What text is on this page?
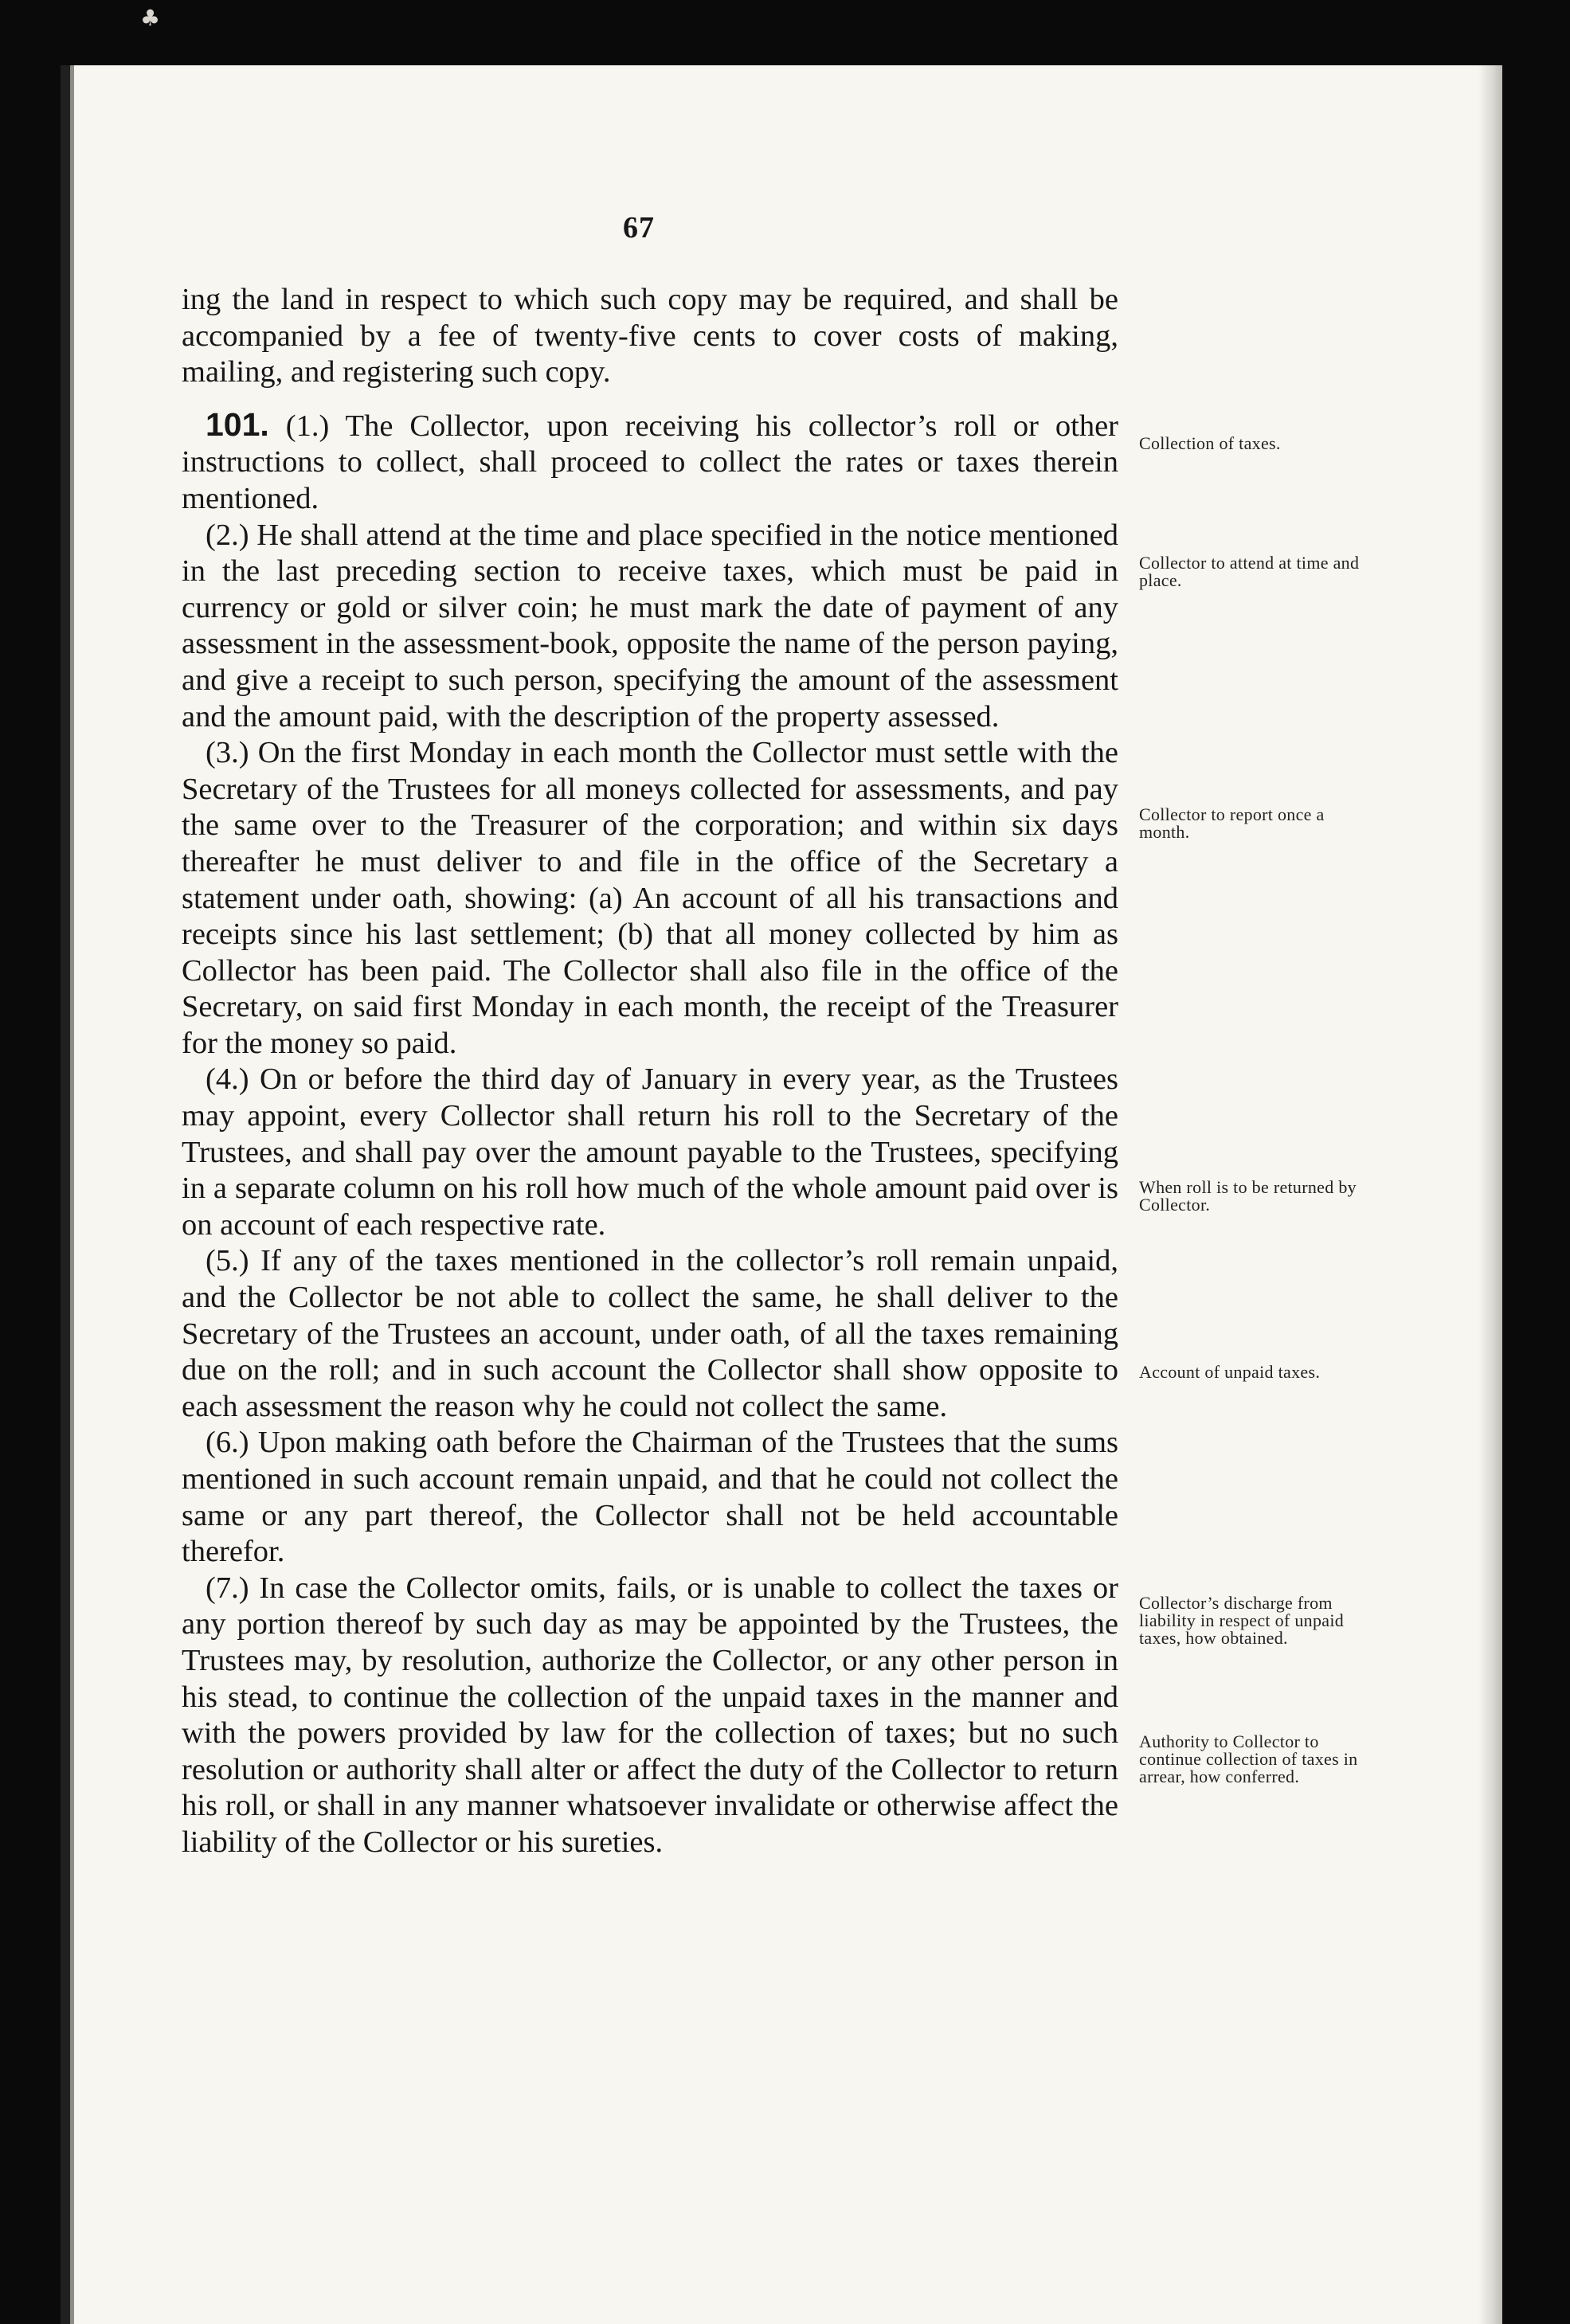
♣
67

ing the land in respect to which such copy may be required, and shall be accompanied by a fee of twenty-five cents to cover costs of making, mailing, and registering such copy.

101. (1.) The Collector, upon receiving his collector’s roll or other instructions to collect, shall proceed to collect the rates or taxes therein mentioned.

(2.) He shall attend at the time and place specified in the notice mentioned in the last preceding section to receive taxes, which must be paid in currency or gold or silver coin; he must mark the date of payment of any assessment in the assessment-book, opposite the name of the person paying, and give a receipt to such person, specifying the amount of the assessment and the amount paid, with the description of the property assessed.

(3.) On the first Monday in each month the Collector must settle with the Secretary of the Trustees for all moneys collected for assessments, and pay the same over to the Treasurer of the corporation; and within six days thereafter he must deliver to and file in the office of the Secretary a statement under oath, showing: (a) An account of all his transactions and receipts since his last settlement; (b) that all money collected by him as Collector has been paid. The Collector shall also file in the office of the Secretary, on said first Monday in each month, the receipt of the Treasurer for the money so paid.

(4.) On or before the third day of January in every year, as the Trustees may appoint, every Collector shall return his roll to the Secretary of the Trustees, and shall pay over the amount payable to the Trustees, specifying in a separate column on his roll how much of the whole amount paid over is on account of each respective rate.

(5.) If any of the taxes mentioned in the collector’s roll remain unpaid, and the Collector be not able to collect the same, he shall deliver to the Secretary of the Trustees an account, under oath, of all the taxes remaining due on the roll; and in such account the Collector shall show opposite to each assessment the reason why he could not collect the same.

(6.) Upon making oath before the Chairman of the Trustees that the sums mentioned in such account remain unpaid, and that he could not collect the same or any part thereof, the Collector shall not be held accountable therefor.

(7.) In case the Collector omits, fails, or is unable to collect the taxes or any portion thereof by such day as may be appointed by the Trustees, the Trustees may, by resolution, authorize the Collector, or any other person in his stead, to continue the collection of the unpaid taxes in the manner and with the powers provided by law for the collection of taxes; but no such resolution or authority shall alter or affect the duty of the Collector to return his roll, or shall in any manner whatsoever invalidate or otherwise affect the liability of the Collector or his sureties.

Collection of taxes.
Collector to attend at time and place.
Collector to report once a month.
When roll is to be returned by Collector.
Account of unpaid taxes.
Collector’s discharge from liability in respect of unpaid taxes, how obtained.
Authority to Collector to continue collection of taxes in arrear, how conferred.
